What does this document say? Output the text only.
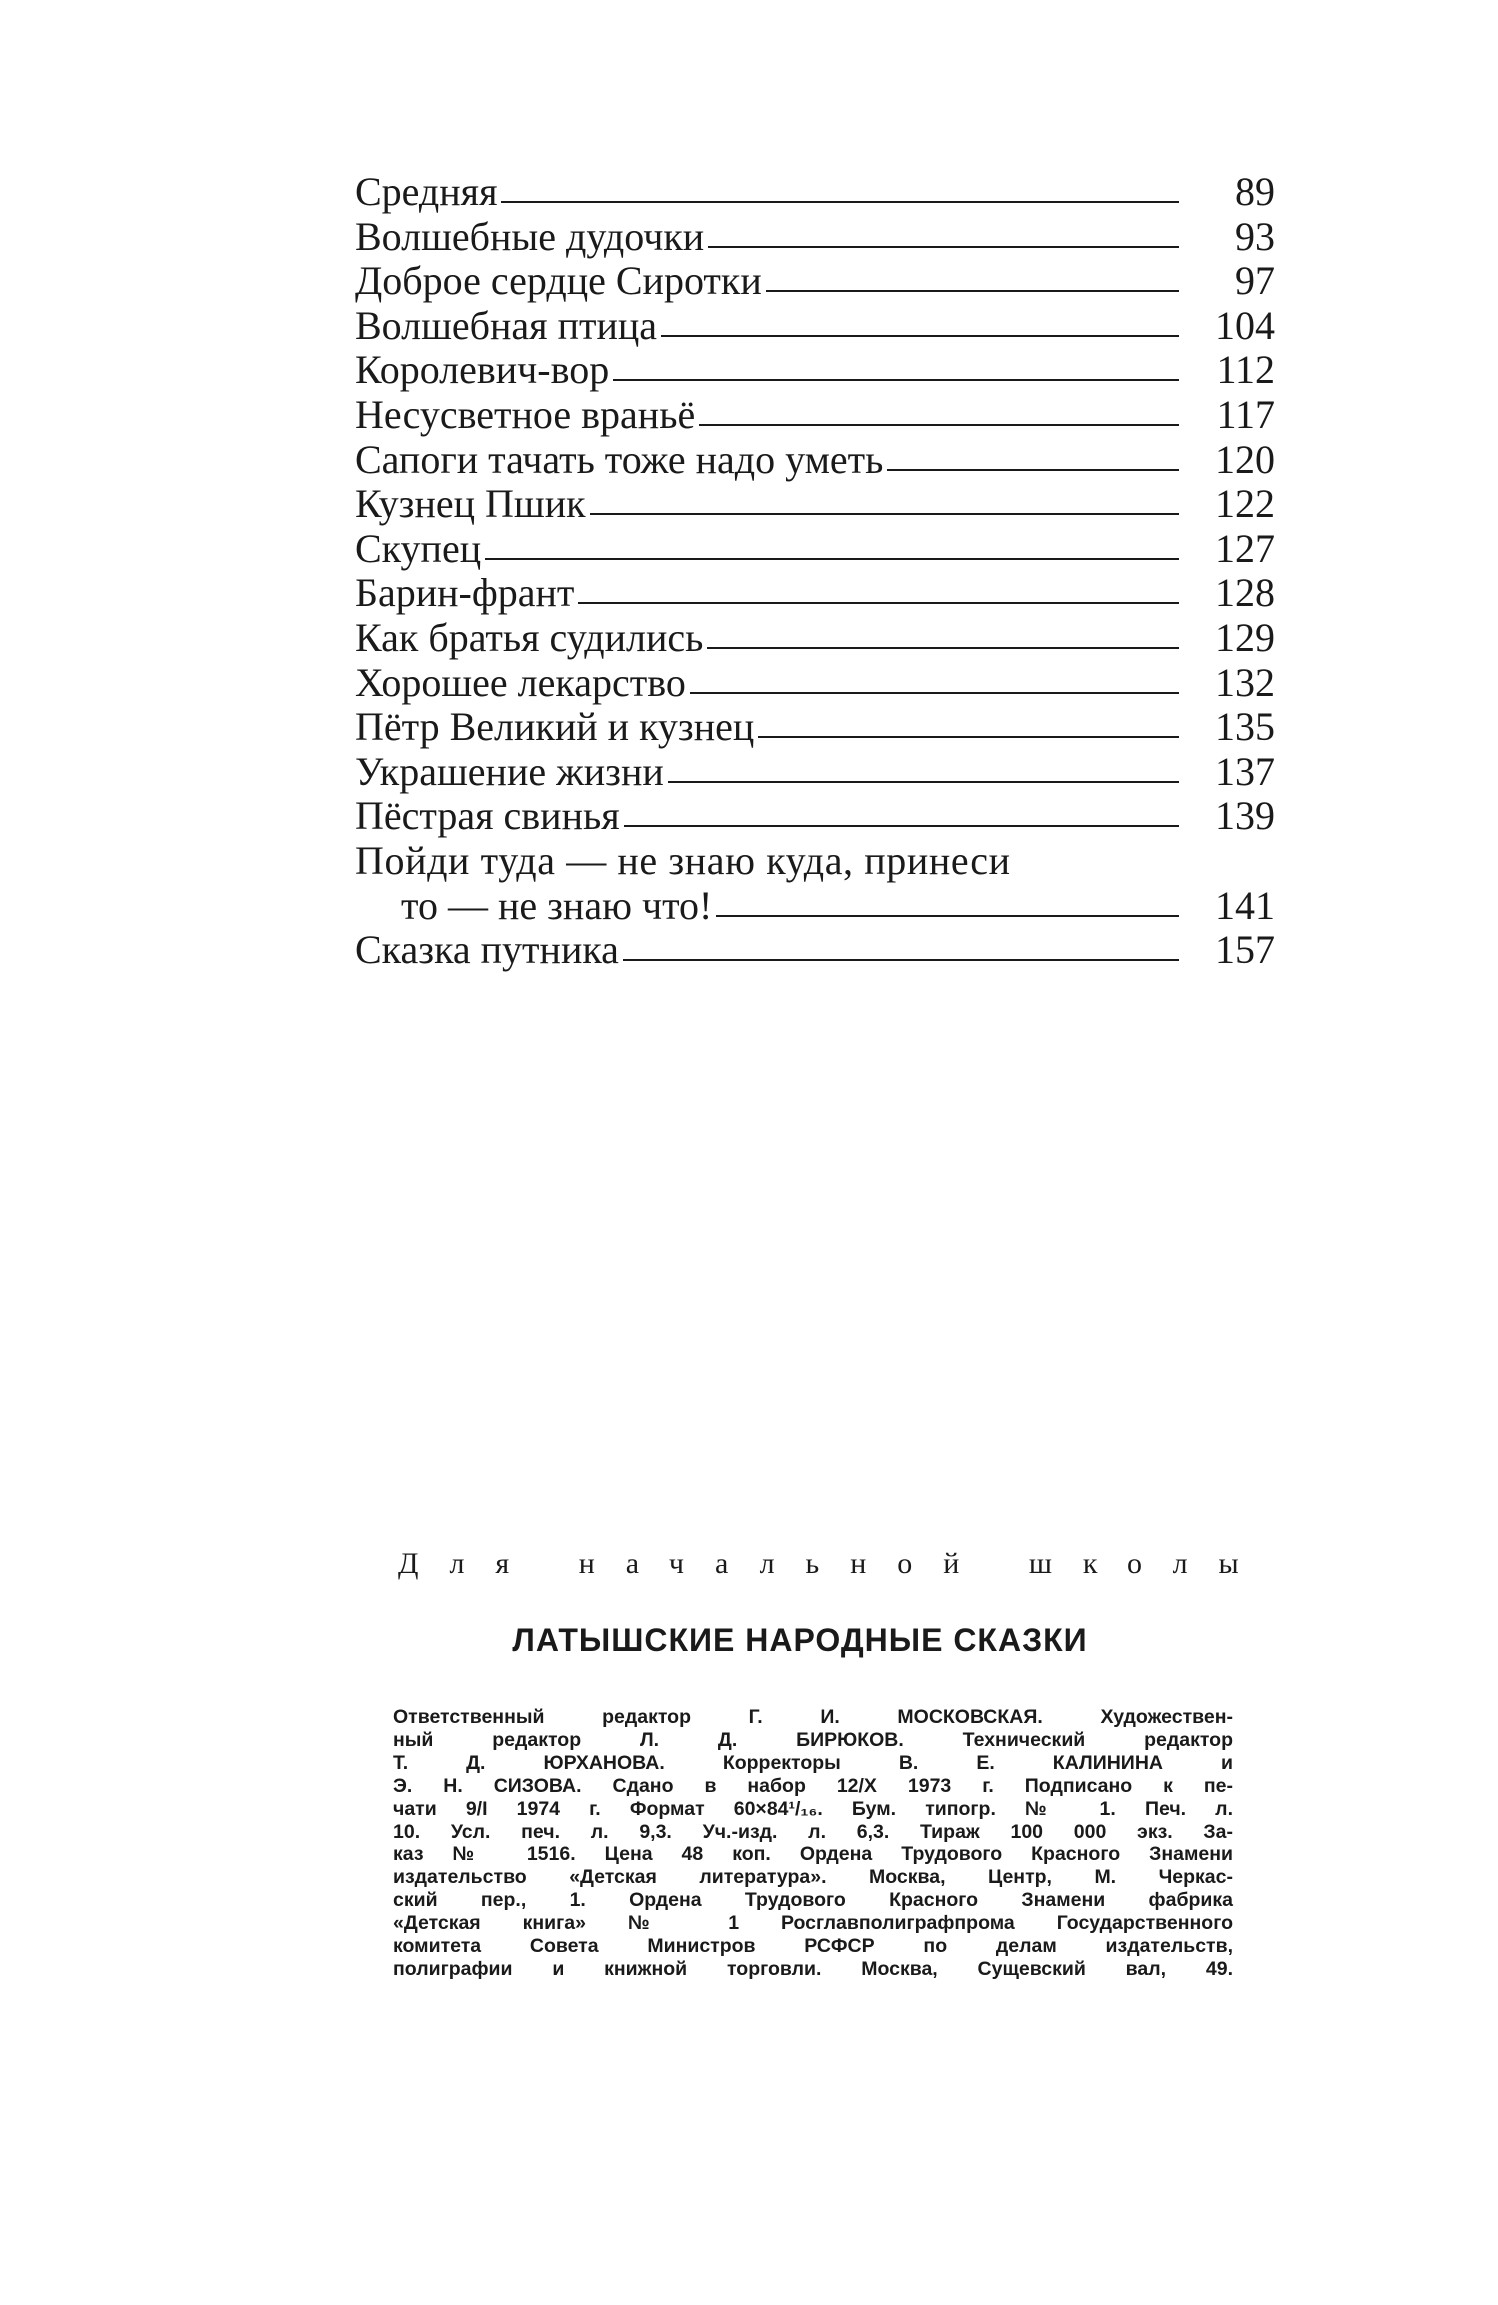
Средняя	89
Волшебные дудочки	93
Доброе сердце Сиротки	97
Волшебная птица	104
Королевич-вор	112
Несусветное враньё	117
Сапоги тачать тоже надо уметь	120
Кузнец Пшик	122
Скупец	127
Барин-франт	128
Как братья судились	129
Хорошее лекарство	132
Пётр Великий и кузнец	135
Украшение жизни	137
Пёстрая свинья	139
Пойди туда — не знаю куда, принеси
то — не знаю что!	141
Сказка путника	157
Для начальной школы
ЛАТЫШСКИЕ НАРОДНЫЕ СКАЗКИ
Ответственный редактор Г. И. МОСКОВСКАЯ. Художествен-
ный редактор Л. Д. БИРЮКОВ. Технический редактор
Т. Д. ЮРХАНОВА. Корректоры В. Е. КАЛИНИНА и
Э. Н. СИЗОВА. Сдано в набор 12/X 1973 г. Подписано к пе-
чати 9/I 1974 г. Формат 60×84¹/₁₆. Бум. типогр. № 1. Печ. л.
10. Усл. печ. л. 9,3. Уч.-изд. л. 6,3. Тираж 100 000 экз. За-
каз № 1516. Цена 48 коп. Ордена Трудового Красного Знамени
издательство «Детская литература». Москва, Центр, М. Черкас-
ский пер., 1. Ордена Трудового Красного Знамени фабрика
«Детская книга» № 1 Росглавполиграфпрома Государственного
комитета Совета Министров РСФСР по делам издательств,
полиграфии и книжной торговли. Москва, Сущевский вал, 49.
